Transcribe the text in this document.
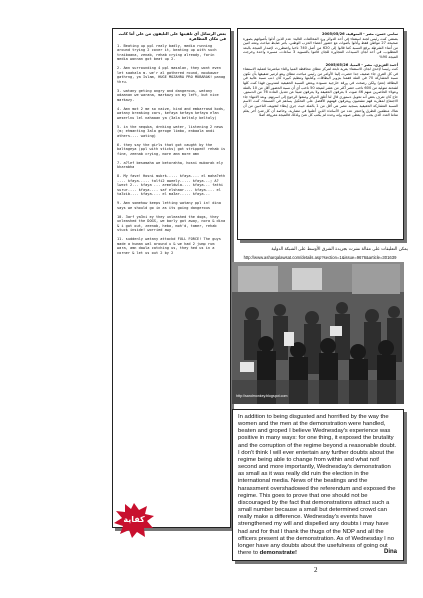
بعض الرسائل أي تلقيتها على التليفون من علي أما كانت في مكان المظاهرة
1. Beating up ppl realy badly, media running around trying 2 cover it, beating up with such traibaana, zenab, rehab crying already, forin media wonnan got beat up 2.
2. Amn surrounding 4 ppl masalan, they wont even let saahala m. we'r al gathered round, moukawor gathrng, ya Islam, HUGE MOZAHRA PRO MUBARAK! panag thru.
3. watany geting angry and dangerous, watany odaanan we warana, markazy on my left, but nice markazy.
4. Amn mot 2 me so naive, kind and embarrasd kods, watany breaking cars, kefaya kefaya kefaya e?an weserlnu lel nahaaan ya (3ala beltaly beltaly)
5. in the nequba, drnking water, listening 2 news (m; ehmanting 3ala geroge limbo, enbaala andi athers.... wating)
6. they say the girls that got caught by the baltageya (ppl with sticks) got stripped! rehab is fine, zeenab crying, more amn more amn
7. a?lef besamaha we betorahha, hosni mubarak ely kharabha
8. My fave! Hosni mubrk..... kfaya.... el maha?eth .... kfaya..... talfi2 aweely..... kfaya...; A? lwezt 2... kfaya ... armeldwla.... kfaya... fathi surur.... kfaya.... saf elshaar.... kfaya.... el ta3zib.... kfaya.... el ma3ar..... kfaya...
9. Amn somehow keeps letting watany ppl in! dina says we should go in as its going dangerous
10. 3arf ya3ni ey they unleashed the dogs, they unleashed the DOGS, we barly got away, nora & dina & i got out, zeenab, heba, moh'd, tamer, rehab stuck inside! worried awy
11. suddenly watany attackd FULL FORCE! The guys made a human wal around u & we had 2 jump rum wara, amn dawla catching us, they hed us in a corner & let us out 2 by 2
كفاية

سامي حسن، مصر - المنوفية، 2005/05/26
بصفتي كنت رئيس لجنة استفتاء في أحد الدوائر ورد المخالفات التالية: عدد الذين أدلوا بأصواتهم بصورة صحيحة 27 مواطن فقط وأدلوا بأصوات مع حضور أعضاء الحزب الوطني، بأمر ضابط مباحث ومعه اثنين من أمناء الشرطة برفع النسبة كما قالوا إلى 620 من أصل 740 ناخبا واضطررت لإصدار النتيجة بالبعد المطلوب، في أحد لجان السيدات المجاورة للجان قاموا بالتسويد 3 ساعات، مسيرة واحدة وخرجت النتيجة 90%

أحمد العزيزي، مصر - المنيا، 2005/05/26
كنت رئيسا لإحدى لجان الاستفتاء بقرية تابعة لمركز مطاي محافظة المنيا والتاء مباشرتنا لعملية الاستفتاء في كل القرى جاء ضعيف جدا حضرت إلينا الأوامر من رئيس مباحث مطاي وهو لزمير شقيقها بأن نكون نسبة المشاركة 70 في المئة فقمنا بتزوير البطاقات وكتابتها وتنظيم كبيرة كان ذنب نسبة عالية في البطاقة (نعم) ولكن رضخت في ورقة خارجية مسودة وبعض النسبة الحقيقية لمندوبين فهذا كنت كلها لشحنة متولية من 600 ناخب حضر أكثر من عشر لنتيجة 50 ناخب أي أن نسبة الحضور أقل من 10 بالمئة وعولاء الحاضرين منهم 46 صوت لا بعرفون الحقيقة ولا يعرفون شيئا عن تعديل المادة 76 من الدستور. حاج كان تعرف بغض أنه تحويل دستوري قال لنا أغلق الدوائر ومنعوا الرجوع إلى اسرتهم. وبعد الانتهاء جاء الاجتماع لمقاربة فهم مشعبون ويعرفون فهمهم الأفضل على التحكيل يساهم في المسماء. كنت الاسم النسبة المشاركة الحقيقية بسجيد مصر هي أقل من 1 بالمئة حيث جرى إبطاء لتخويف الناخبين من أن هناك منظمين للطرق واحتجز عدد من الأساتذة الذين أعلنوا في مضاربة. وخاصة أن كل شئ أخر يعلم تماما العدد الذي يجب أن يعطى صوته وإنه وحده لم يكتب كل شئ ولذلك فالنتيجة معروفة أصلا

يمكن التعليقات على مقالة نشرت بجريدة الشرق الأوسط على الشبكة الدولية
http://www.asharqalawsat.com/details.asp?section=1&issue=9676&article=301639
http://sandmonkey.blogspot.com
In addition to being disgusted and horrified by the way the women and the men at the demonstration were handled, beaten and groped I believe Wednesday's experience was positive in many ways: for one thing, it exposed the brutality and the corruption of the regime beyond a reasonable doubt. I don't think I will ever entertain any further doubts about the regime being able to change from within and what not! second and more importantly, Wednesday's demonstration as small as it was really did ruin the election in the international media. News of the beatings and the harassment overshadowed the referendum and exposed the regime. This goes to prove that one should not be discouraged by the fact that demonstrations attract such a small number because a small but determined crowd can really make a difference. Wednesday's events have strengthened my will and dispelled any doubts i may have had and for that I thank the thugs of the NDP and all the officers present at the demonstration. As of Wednesday I no longer have any doubts about the usefulness of going out there to demonstrate!	Dina
2
